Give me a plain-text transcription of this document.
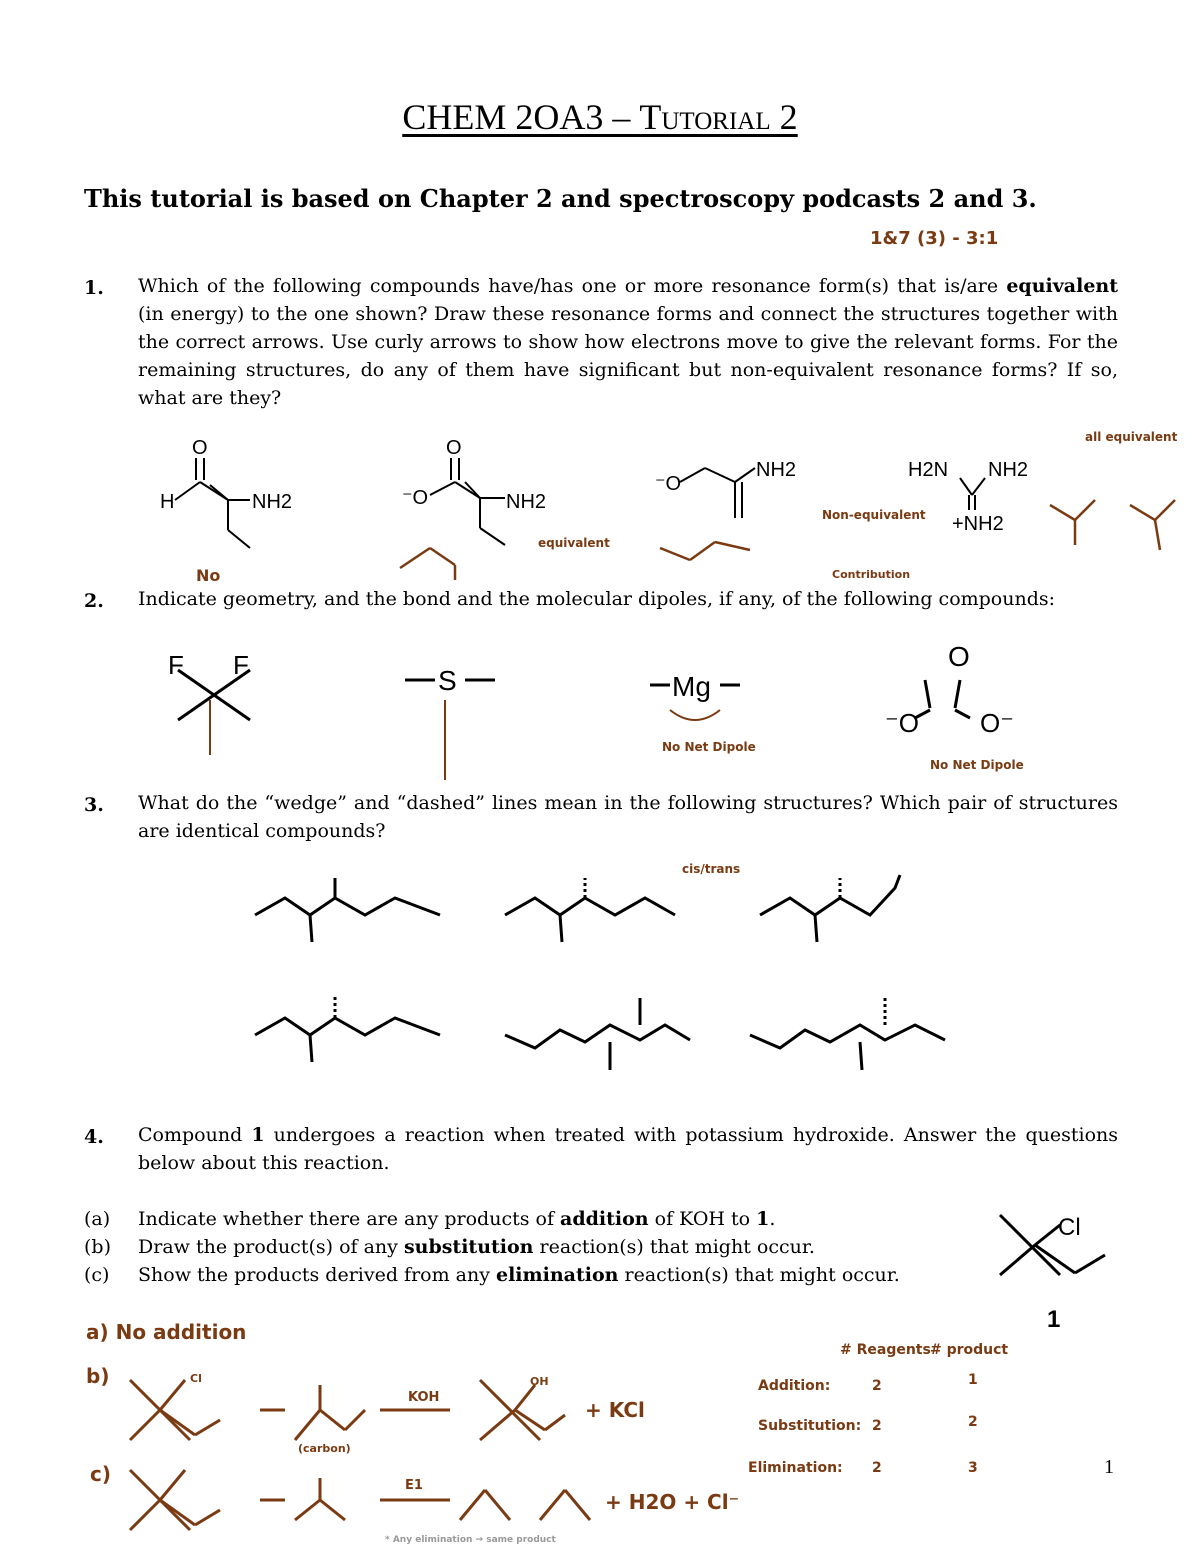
CHEM 2OA3 – Tutorial 2
This tutorial is based on Chapter 2 and spectroscopy podcasts 2 and 3.
1&7 (3) - 3:1
1. Which of the following compounds have/has one or more resonance form(s) that is/are equivalent (in energy) to the one shown? Draw these resonance forms and connect the structures together with the correct arrows. Use curly arrows to show how electrons move to give the relevant forms. For the remaining structures, do any of them have significant but non-equivalent resonance forms? If so, what are they?
O
H	NH2
O
⁻O	NH2
⁻O
NH2	H2N NH2
+NH2
all equivalent
equivalent
Non-equivalent
Contribution
No
2. Indicate geometry, and the bond and the molecular dipoles, if any, of the following compounds:
F F	S	Mg
O
⁻O O⁻
No Net Dipole
No Net Dipole
3. What do the “wedge” and “dashed” lines mean in the following structures? Which pair of structures are identical compounds?
cis/trans
4. Compound 1 undergoes a reaction when treated with potassium hydroxide. Answer the questions below about this reaction.
(a) Indicate whether there are any products of addition of KOH to 1.
(b) Draw the product(s) of any substitution reaction(s) that might occur.
(c) Show the products derived from any elimination reaction(s) that might occur.
Cl
1
a) No addition
b)
c)
KOH
+ KCl
OH
Cl
(carbon)
E1
+ H2O + Cl⁻
* Any elimination → same product
# Reagents # product
Addition:	2	1
Substitution: 2	2
Elimination: 2	3	1
